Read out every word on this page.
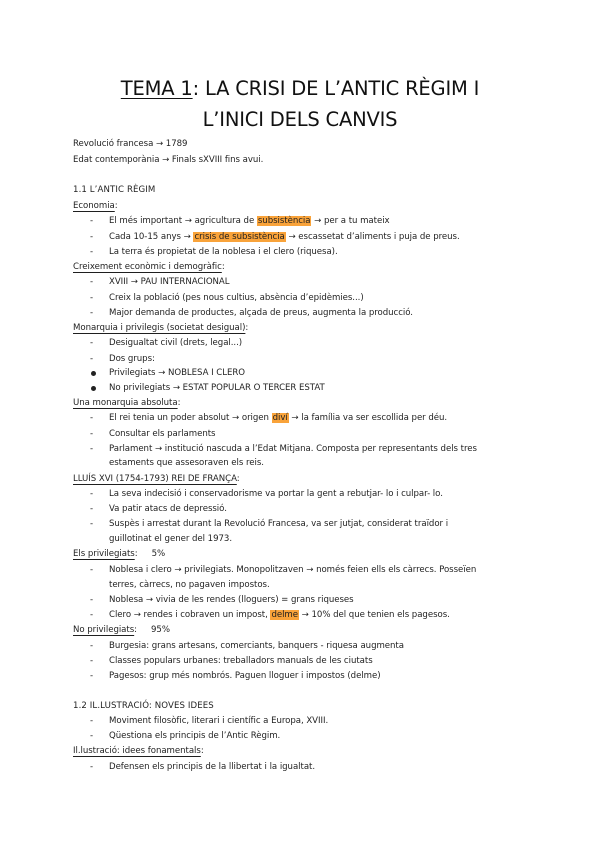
TEMA 1: LA CRISI DE L’ANTIC RÈGIM I
L’INICI DELS CANVIS
Revolució francesa → 1789
Edat contemporània → Finals sXVIII fins avui.
1.1 L’ANTIC RÈGIM
Economia:
- El més important → agricultura de subsistència → per a tu mateix
- Cada 10-15 anys → crisis de subsistència → escassetat d’aliments i puja de preus.
- La terra és propietat de la noblesa i el clero (riquesa).
Creixement econòmic i demogràfic:
- XVIII → PAU INTERNACIONAL
- Creix la població (pes nous cultius, absència d’epidèmies...)
- Major demanda de productes, alçada de preus, augmenta la producció.
Monarquia i privilegis (societat desigual):
- Desigualtat civil (drets, legal...)
- Dos grups:
Privilegiats → NOBLESA I CLERO
No privilegiats → ESTAT POPULAR O TERCER ESTAT
Una monarquia absoluta:
- El rei tenia un poder absolut → origen diví → la família va ser escollida per déu.
- Consultar els parlaments
- Parlament → institució nascuda a l’Edat Mitjana. Composta per representants dels tres
estaments que assesoraven els reis.
LLUÍS XVI (1754-1793) REI DE FRANÇA:
- La seva indecisió i conservadorisme va portar la gent a rebutjar- lo i culpar- lo.
- Va patir atacs de depressió.
- Suspès i arrestat durant la Revolució Francesa, va ser jutjat, considerat traïdor i
guillotinat el gener del 1973.
Els privilegiats: 5%
- Noblesa i clero → privilegiats. Monopolitzaven → només feien ells els càrrecs. Posseïen
terres, càrrecs, no pagaven impostos.
- Noblesa → vivia de les rendes (lloguers) = grans riqueses
- Clero → rendes i cobraven un impost, delme → 10% del que tenien els pagesos.
No privilegiats: 95%
- Burgesia: grans artesans, comerciants, banquers - riquesa augmenta
- Classes populars urbanes: treballadors manuals de les ciutats
- Pagesos: grup més nombrós. Paguen lloguer i impostos (delme)
1.2 IL.LUSTRACIÓ: NOVES IDEES
- Moviment filosòfic, literari i científic a Europa, XVIII.
- Qüestiona els principis de l’Antic Règim.
Il.lustració: idees fonamentals:
- Defensen els principis de la llibertat i la igualtat.
